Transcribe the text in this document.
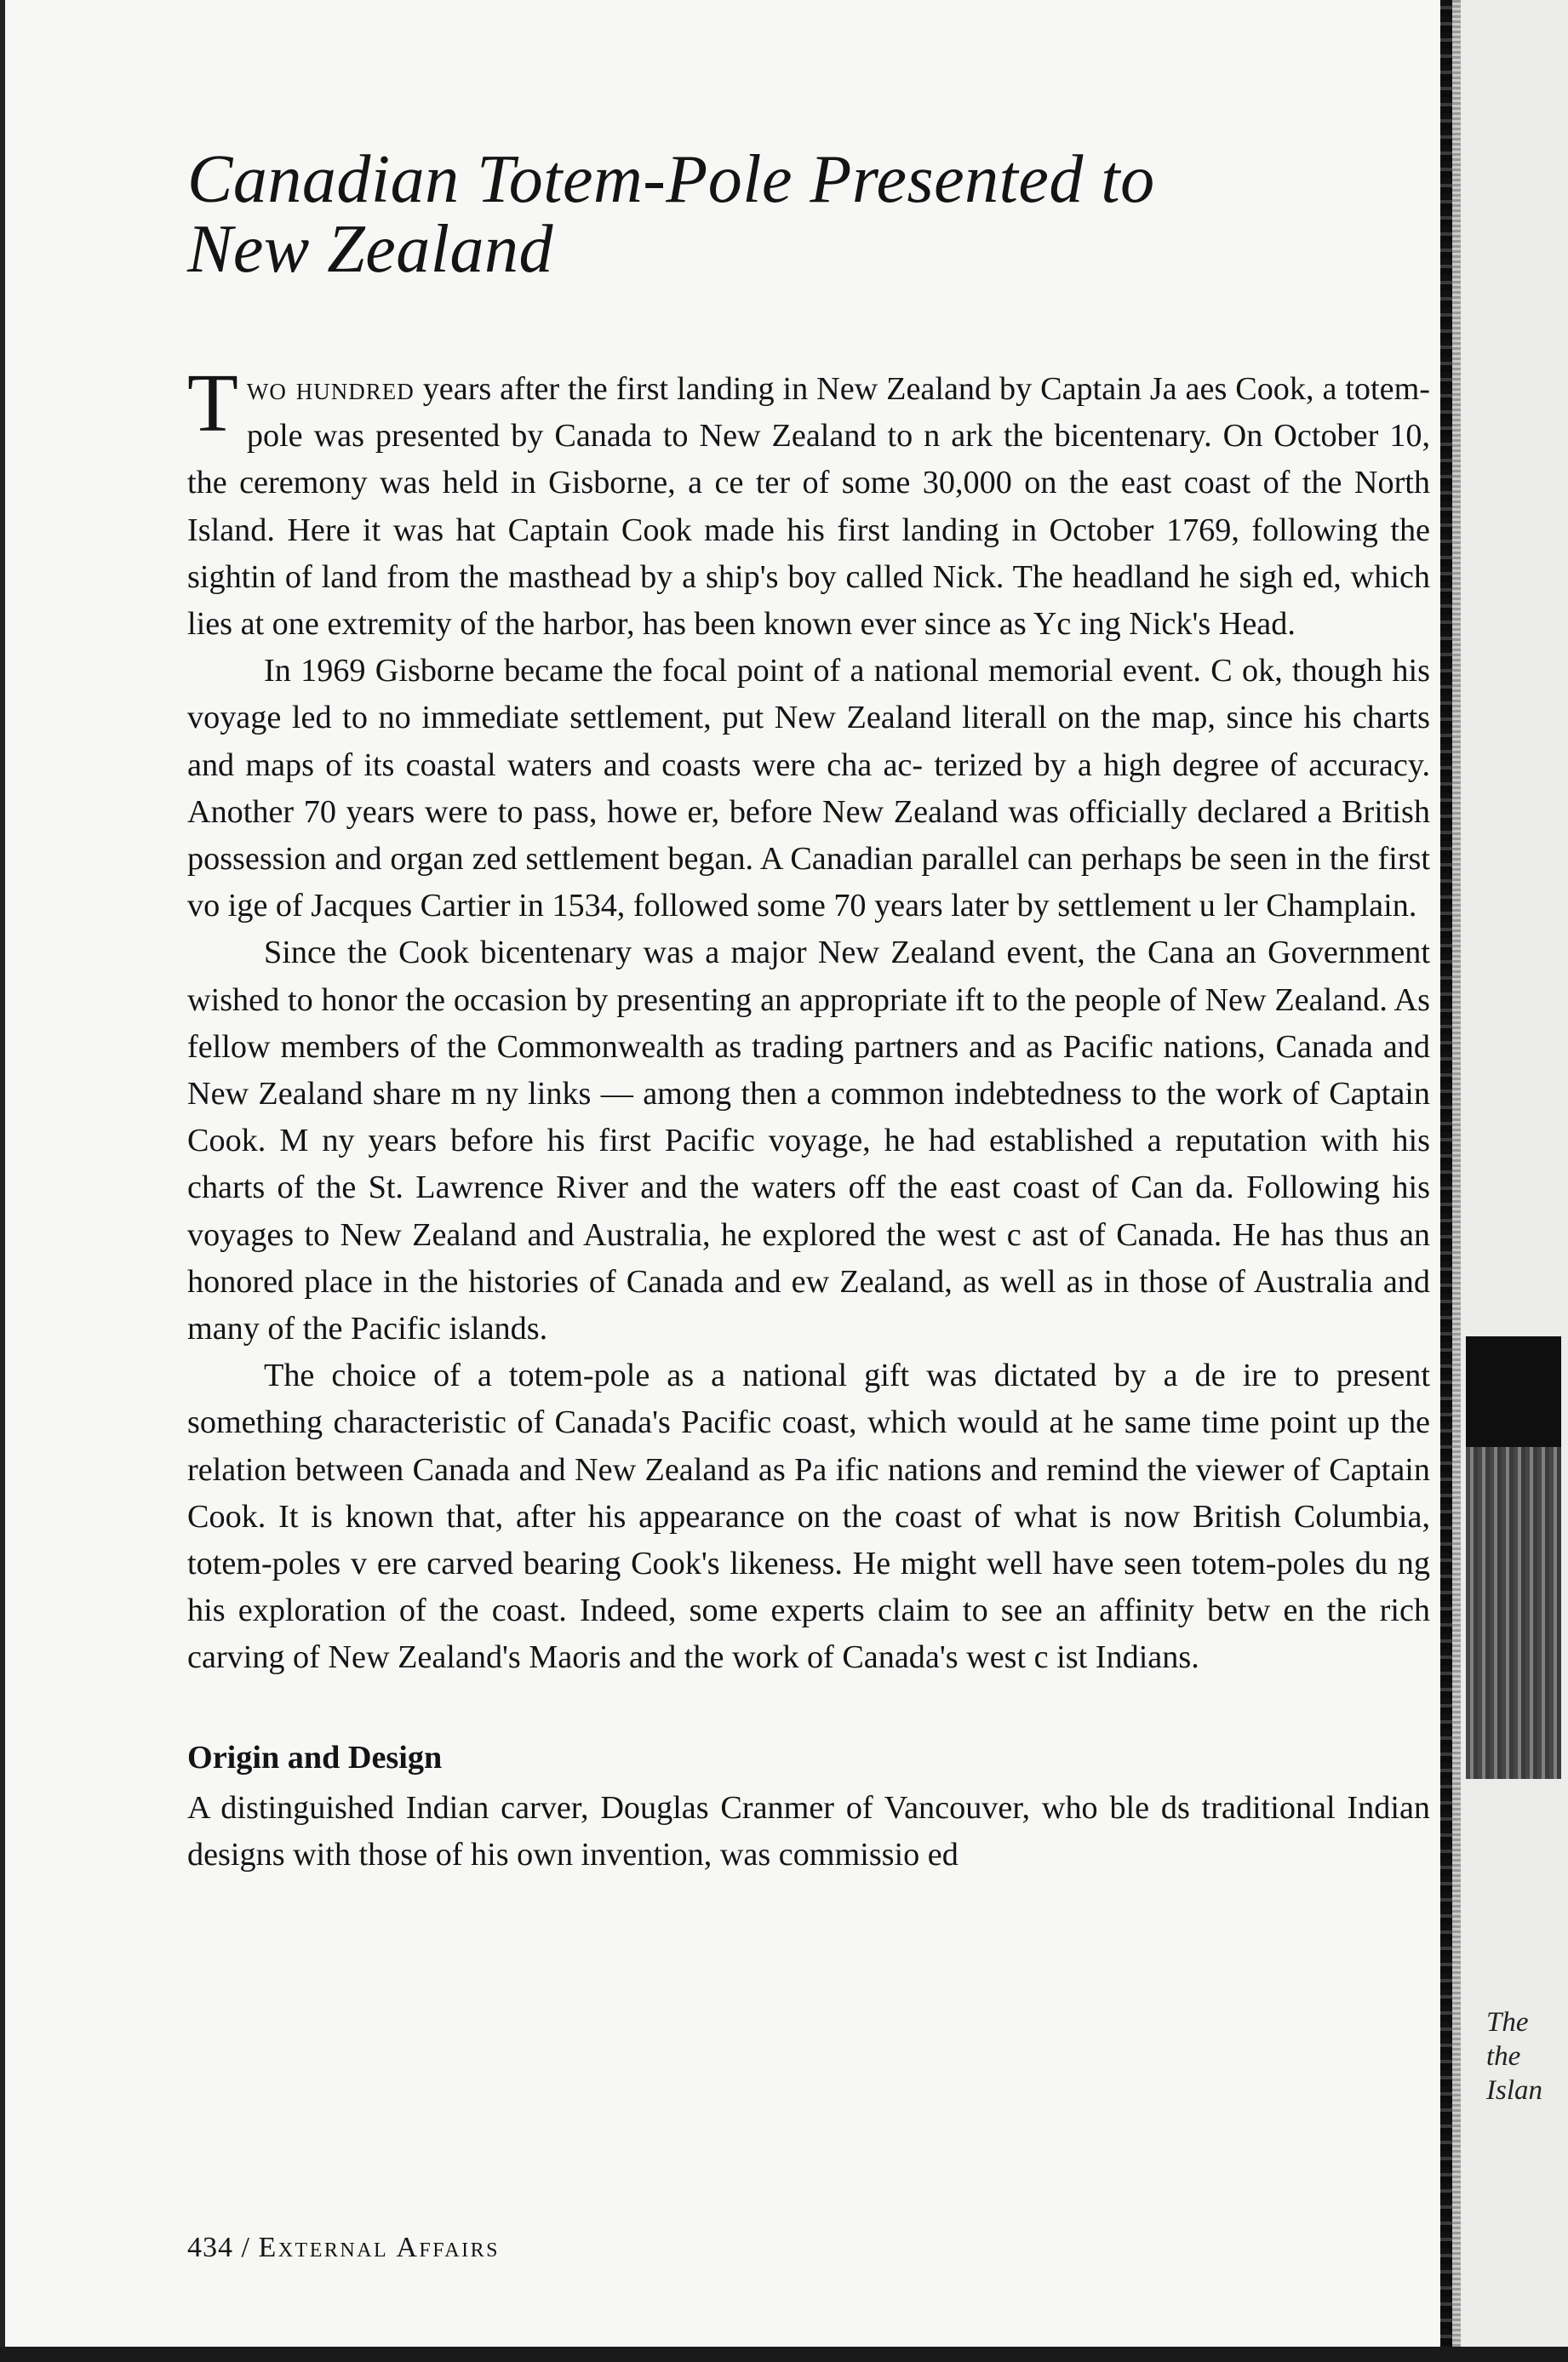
The
the
Islan
Canadian Totem-Pole Presented to New Zealand

Two hundred years after the first landing in New Zealand by Captain Ja aes Cook, a totem-pole was presented by Canada to New Zealand to n ark the bicentenary. On October 10, the ceremony was held in Gisborne, a ce ter of some 30,000 on the east coast of the North Island. Here it was hat Captain Cook made his first landing in October 1769, following the sightin of land from the masthead by a ship's boy called Nick. The headland he sigh ed, which lies at one extremity of the harbor, has been known ever since as Yc ing Nick's Head.

In 1969 Gisborne became the focal point of a national memorial event. C ok, though his voyage led to no immediate settlement, put New Zealand literall on the map, since his charts and maps of its coastal waters and coasts were cha ac- terized by a high degree of accuracy. Another 70 years were to pass, howe er, before New Zealand was officially declared a British possession and organ zed settlement began. A Canadian parallel can perhaps be seen in the first vo ige of Jacques Cartier in 1534, followed some 70 years later by settlement u ler Champlain.

Since the Cook bicentenary was a major New Zealand event, the Cana an Government wished to honor the occasion by presenting an appropriate ift to the people of New Zealand. As fellow members of the Commonwealth as trading partners and as Pacific nations, Canada and New Zealand share m ny links — among then a common indebtedness to the work of Captain Cook. M ny years before his first Pacific voyage, he had established a reputation with his charts of the St. Lawrence River and the waters off the east coast of Can da. Following his voyages to New Zealand and Australia, he explored the west c ast of Canada. He has thus an honored place in the histories of Canada and ew Zealand, as well as in those of Australia and many of the Pacific islands.

The choice of a totem-pole as a national gift was dictated by a de ire to present something characteristic of Canada's Pacific coast, which would at he same time point up the relation between Canada and New Zealand as Pa ific nations and remind the viewer of Captain Cook. It is known that, after his appearance on the coast of what is now British Columbia, totem-poles v ere carved bearing Cook's likeness. He might well have seen totem-poles du ng his exploration of the coast. Indeed, some experts claim to see an affinity betw en the rich carving of New Zealand's Maoris and the work of Canada's west c ist Indians.

Origin and Design

A distinguished Indian carver, Douglas Cranmer of Vancouver, who ble ds traditional Indian designs with those of his own invention, was commissio ed

434 / External Affairs
